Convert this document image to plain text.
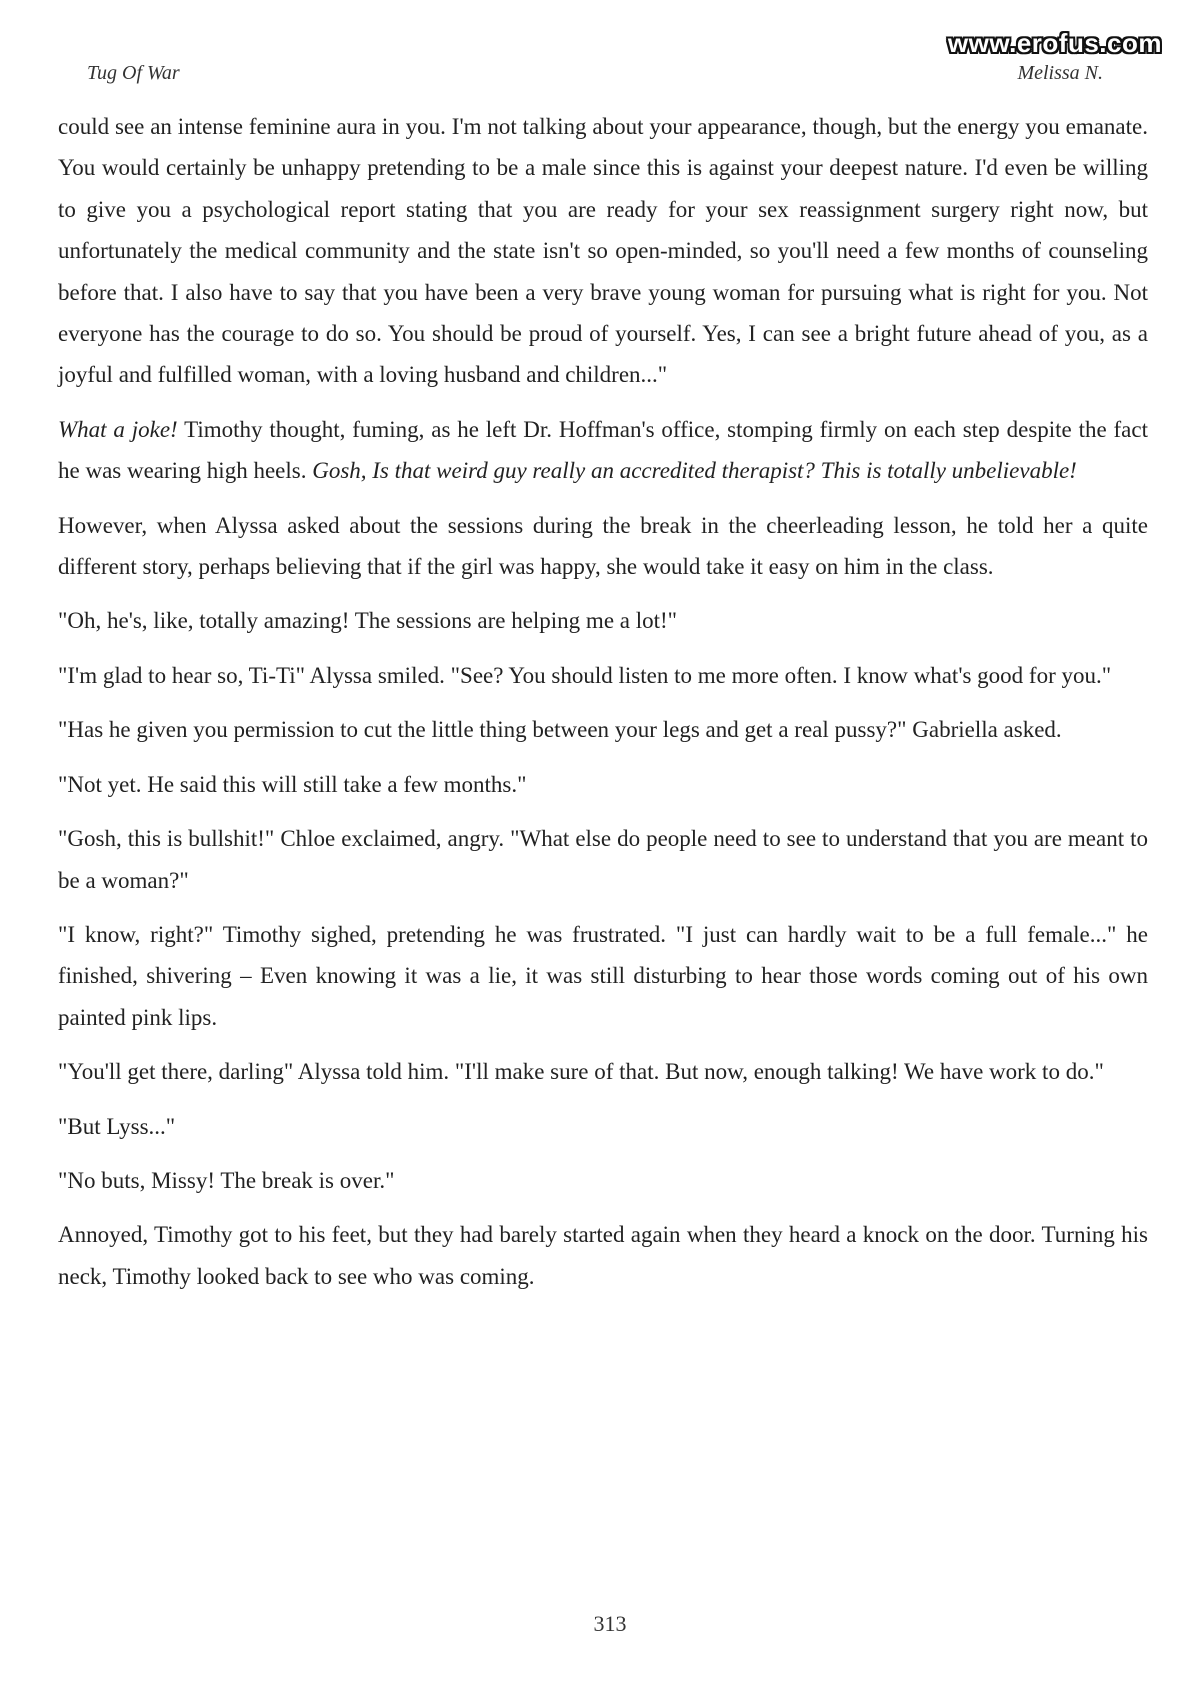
www.erofus.com
Tug Of War	Melissa N.

could see an intense feminine aura in you. I'm not talking about your appearance, though, but the energy you emanate. You would certainly be unhappy pretending to be a male since this is against your deepest nature. I'd even be willing to give you a psychological report stating that you are ready for your sex reassignment surgery right now, but unfortunately the medical community and the state isn't so open-minded, so you'll need a few months of counseling before that. I also have to say that you have been a very brave young woman for pursuing what is right for you. Not everyone has the courage to do so. You should be proud of yourself. Yes, I can see a bright future ahead of you, as a joyful and fulfilled woman, with a loving husband and children..."

What a joke! Timothy thought, fuming, as he left Dr. Hoffman's office, stomping firmly on each step despite the fact he was wearing high heels. Gosh, Is that weird guy really an accredited therapist? This is totally unbelievable!

However, when Alyssa asked about the sessions during the break in the cheerleading lesson, he told her a quite different story, perhaps believing that if the girl was happy, she would take it easy on him in the class.

"Oh, he's, like, totally amazing! The sessions are helping me a lot!"

"I'm glad to hear so, Ti-Ti" Alyssa smiled. "See? You should listen to me more often. I know what's good for you."

"Has he given you permission to cut the little thing between your legs and get a real pussy?" Gabriella asked.

"Not yet. He said this will still take a few months."

"Gosh, this is bullshit!" Chloe exclaimed, angry. "What else do people need to see to understand that you are meant to be a woman?"

"I know, right?" Timothy sighed, pretending he was frustrated. "I just can hardly wait to be a full female..." he finished, shivering – Even knowing it was a lie, it was still disturbing to hear those words coming out of his own painted pink lips.

"You'll get there, darling" Alyssa told him. "I'll make sure of that. But now, enough talking! We have work to do."

"But Lyss..."

"No buts, Missy! The break is over."

Annoyed, Timothy got to his feet, but they had barely started again when they heard a knock on the door. Turning his neck, Timothy looked back to see who was coming.

313
